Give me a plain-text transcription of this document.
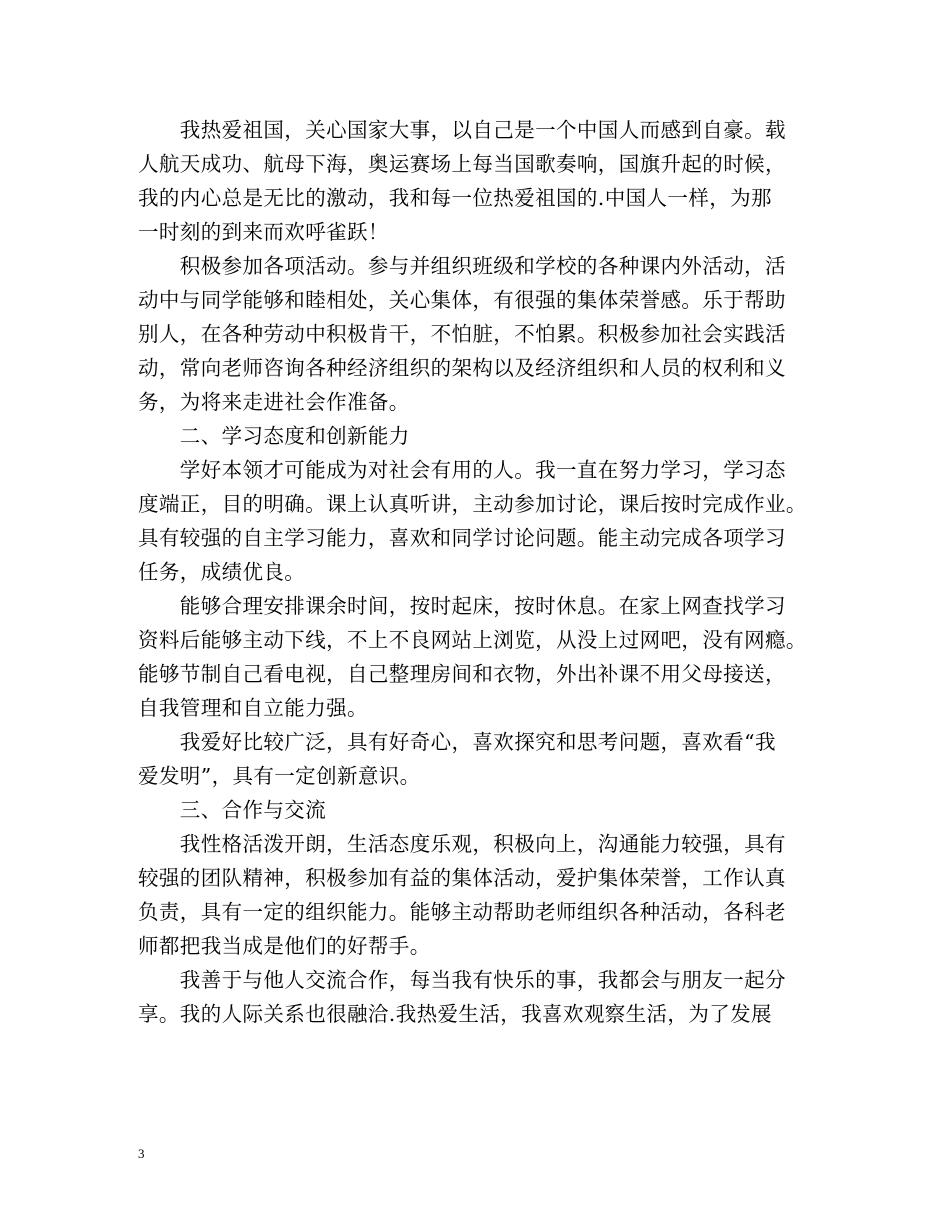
　　我热爱祖国，关心国家大事，以自己是一个中国人而感到自豪。载
人航天成功、航母下海，奥运赛场上每当国歌奏响，国旗升起的时候，
我的内心总是无比的激动，我和每一位热爱祖国的.中国人一样，为那
一时刻的到来而欢呼雀跃！
　　积极参加各项活动。参与并组织班级和学校的各种课内外活动，活
动中与同学能够和睦相处，关心集体，有很强的集体荣誉感。乐于帮助
别人，在各种劳动中积极肯干，不怕脏，不怕累。积极参加社会实践活
动，常向老师咨询各种经济组织的架构以及经济组织和人员的权利和义
务，为将来走进社会作准备。
　　二、学习态度和创新能力
　　学好本领才可能成为对社会有用的人。我一直在努力学习，学习态
度端正，目的明确。课上认真听讲，主动参加讨论，课后按时完成作业。
具有较强的自主学习能力，喜欢和同学讨论问题。能主动完成各项学习
任务，成绩优良。
　　能够合理安排课余时间，按时起床，按时休息。在家上网查找学习
资料后能够主动下线，不上不良网站上浏览，从没上过网吧，没有网瘾。
能够节制自己看电视，自己整理房间和衣物，外出补课不用父母接送，
自我管理和自立能力强。
　　我爱好比较广泛，具有好奇心，喜欢探究和思考问题，喜欢看“我
爱发明”，具有一定创新意识。
　　三、合作与交流
　　我性格活泼开朗，生活态度乐观，积极向上，沟通能力较强，具有
较强的团队精神，积极参加有益的集体活动，爱护集体荣誉，工作认真
负责，具有一定的组织能力。能够主动帮助老师组织各种活动，各科老
师都把我当成是他们的好帮手。
　　我善于与他人交流合作，每当我有快乐的事，我都会与朋友一起分
享。我的人际关系也很融洽.我热爱生活，我喜欢观察生活，为了发展
3
